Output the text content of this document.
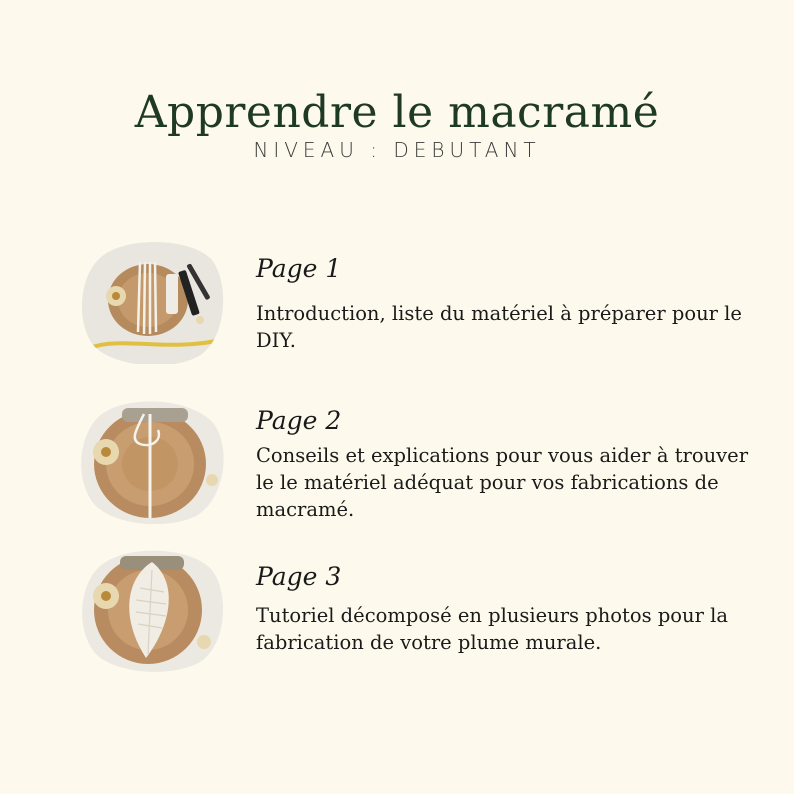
Apprendre le macramé
NIVEAU : DEBUTANT
Page 1
Introduction, liste du matériel à préparer pour le DIY.
Page 2
Conseils et explications pour vous aider à trouver le le matériel adéquat pour vos fabrications de macramé.
Page 3
Tutoriel décomposé en plusieurs photos pour la fabrication de votre plume murale.
